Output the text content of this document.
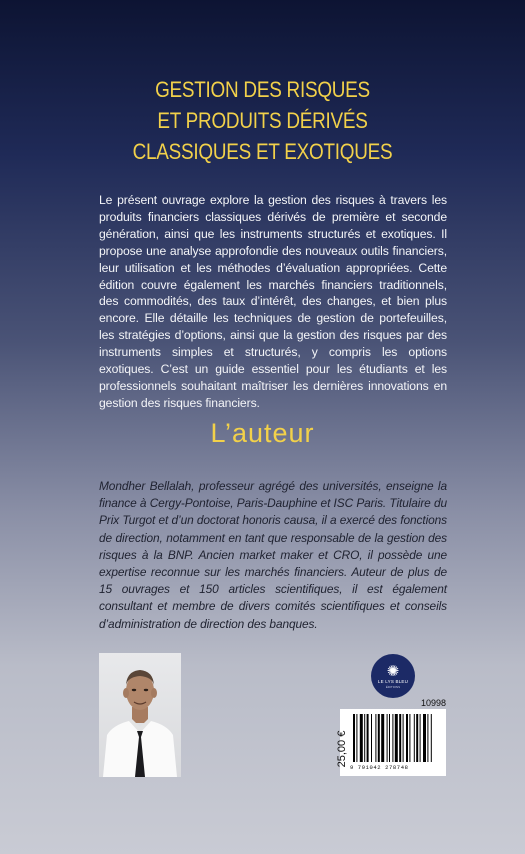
GESTION DES RISQUES
ET PRODUITS DÉRIVÉS
CLASSIQUES ET EXOTIQUES
Le présent ouvrage explore la gestion des risques à travers les produits financiers classiques dérivés de première et seconde génération, ainsi que les instruments structurés et exotiques. Il propose une analyse approfondie des nouveaux outils financiers, leur utilisation et les méthodes d’évaluation appropriées. Cette édition couvre également les marchés financiers traditionnels, des commodités, des taux d’intérêt, des changes, et bien plus encore. Elle détaille les techniques de gestion de portefeuilles, les stratégies d’options, ainsi que la gestion des risques par des instruments simples et structurés, y compris les options exotiques. C’est un guide essentiel pour les étudiants et les professionnels souhaitant maîtriser les dernières innovations en gestion des risques financiers.
L’auteur
Mondher Bellalah, professeur agrégé des universités, enseigne la finance à Cergy-Pontoise, Paris-Dauphine et ISC Paris. Titulaire du Prix Turgot et d’un doctorat honoris causa, il a exercé des fonctions de direction, notamment en tant que responsable de la gestion des risques à la BNP. Ancien market maker et CRO, il possède une expertise reconnue sur les marchés financiers. Auteur de plus de 15 ouvrages et 150 articles scientifiques, il est également consultant et membre de divers comités scientifiques et conseils d’administration de direction des banques.
✺
LE LYS BLEU
ÉDITIONS
10998
9 791042 278748
25,00 €
